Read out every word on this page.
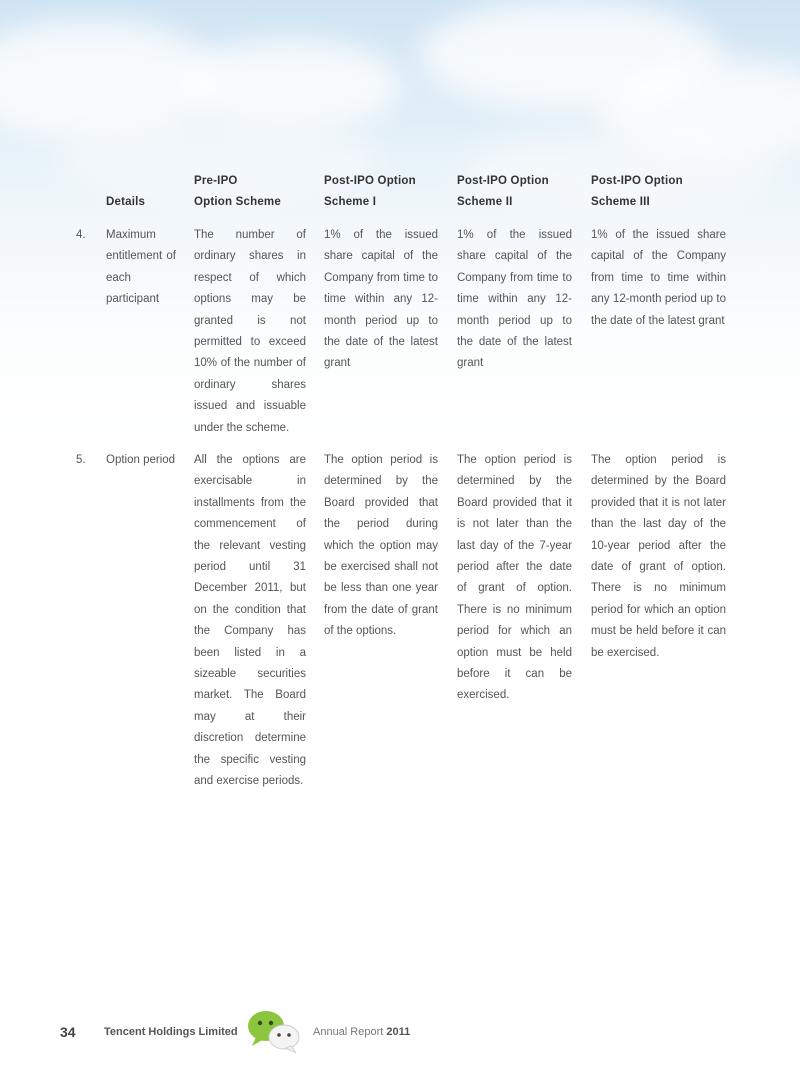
Details
Pre-IPO
Option Scheme
Post-IPO Option
Scheme I
Post-IPO Option
Scheme II
Post-IPO Option
Scheme III
4. Maximum entitlement of each participant
The number of ordinary shares in respect of which options may be granted is not permitted to exceed 10% of the number of ordinary shares issued and issuable under the scheme.
1% of the issued share capital of the Company from time to time within any 12-month period up to the date of the latest grant
1% of the issued share capital of the Company from time to time within any 12-month period up to the date of the latest grant
1% of the issued share capital of the Company from time to time within any 12-month period up to the date of the latest grant
5. Option period All the options are exercisable in installments from the commencement of the relevant vesting period until 31 December 2011, but on the condition that the Company has been listed in a sizeable securities market. The Board may at their discretion determine the specific vesting and exercise periods.
The option period is determined by the Board provided that the period during which the option may be exercised shall not be less than one year from the date of grant of the options.
The option period is determined by the Board provided that it is not later than the last day of the 7-year period after the date of grant of option. There is no minimum period for which an option must be held before it can be exercised.
The option period is determined by the Board provided that it is not later than the last day of the 10-year period after the date of grant of option. There is no minimum period for which an option must be held before it can be exercised.
34	Tencent Holdings Limited	Annual Report 2011
